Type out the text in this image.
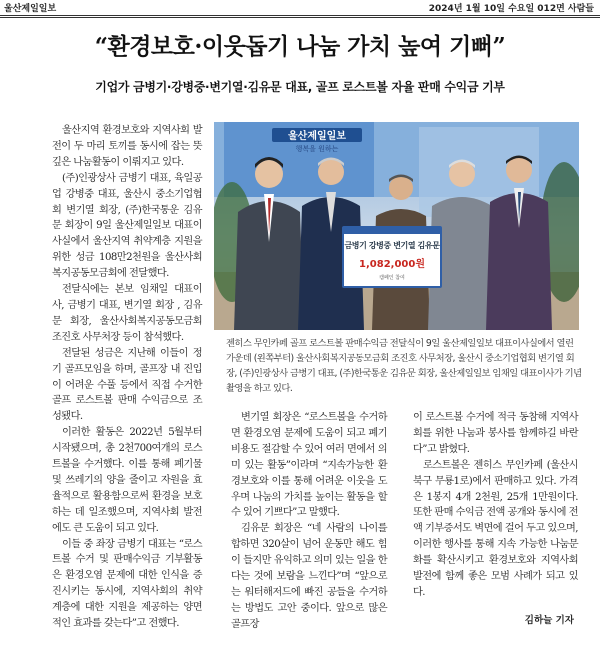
울산제일일보	2024년 1월 10일 수요일 012면 사람들
“환경보호·이웃돕기 나눔 가치 높여 기뻐”
기업가 금병기·강병중·변기열·김유문 대표, 골프 로스트볼 자율 판매 수익금 기부

울산지역 환경보호와 지역사회 발전이 두 마리 토끼를 동시에 잡는 뜻깊은 나눔활동이 이뤄지고 있다.

(주)인광상사 금병기 대표, 육일공업 강병중 대표, 울산시 중소기업협회 변기열 회장, (주)한국통운 김유문 회장이 9일 울산제일일보 대표이사실에서 울산지역 취약계층 지원을 위한 성금 108만2천원을 울산사회복지공동모금회에 전달했다.

전달식에는 본보 임채일 대표이사, 금병기 대표, 변기열 회장 , 김유문 회장, 울산사회복지공동모금회 조진호 사무처장 등이 참석했다.

전달된 성금은 지난해 이들이 정기 골프모임을 하며, 골프장 내 진입이 어려운 수풀 등에서 직접 수거한 골프 로스트볼 판매 수익금으로 조성됐다.

이러한 활동은 2022년 5월부터 시작됐으며, 총 2천700여개의 로스트볼을 수거했다. 이를 통해 폐기물 및 쓰레기의 양을 줄이고 자원을 효율적으로 활용함으로써 환경을 보호하는 데 일조했으며, 지역사회 발전에도 큰 도움이 되고 있다.

이들 중 좌장 금병기 대표는 “로스트볼 수거 및 판매수익금 기부활동은 환경오염 문제에 대한 인식을 증진시키는 동시에, 지역사회의 취약계층에 대한 지원을 제공하는 양면적인 효과를 갖는다”고 전했다.

울산제일일보
행복을 원하는
금병기 강병중 변기열 김유문
1,082,000원
캠페인 참여
젠히스 무인카페 골프 로스트볼 판매수익금 전달식이 9일 울산제일일보 대표이사실에서 열린 가운데 (왼쪽부터) 울산사회복지공동모금회 조진호 사무처장, 울산시 중소기업협회 변기열 회장, (주)인광상사 금병기 대표, (주)한국통운 김유문 회장, 울산제일일보 임채일 대표이사가 기념촬영을 하고 있다.

변기열 회장은 “로스트볼을 수거하면 환경오염 문제에 도움이 되고 폐기비용도 절감할 수 있어 여러 면에서 의미 있는 활동”이라며 “지속가능한 환경보호와 이를 통해 어려운 이웃을 도우며 나눔의 가치를 높이는 활동을 할 수 있어 기쁘다”고 말했다.

김유문 회장은 “네 사람의 나이를 합하면 320살이 넘어 운동만 해도 힘이 들지만 유익하고 의미 있는 일을 한다는 것에 보람을 느낀다”며 “앞으로는 워터해저드에 빠진 공들을 수거하는 방법도 고안 중이다. 앞으로 많은 골프장

이 로스트볼 수거에 적극 동참해 지역사회를 위한 나눔과 봉사를 함께하길 바란다”고 밝혔다.

로스트볼은 젠히스 무인카페 (울산시 북구 무룡1로)에서 판매하고 있다. 가격은 1봉지 4개 2천원, 25개 1만원이다. 또한 판매 수익금 전액 공개와 동시에 전액 기부증서도 벽면에 걸어 두고 있으며, 이러한 행사를 통해 지속 가능한 나눔문화를 확산시키고 환경보호와 지역사회 발전에 함께 좋은 모범 사례가 되고 있다.

김하늘 기자
